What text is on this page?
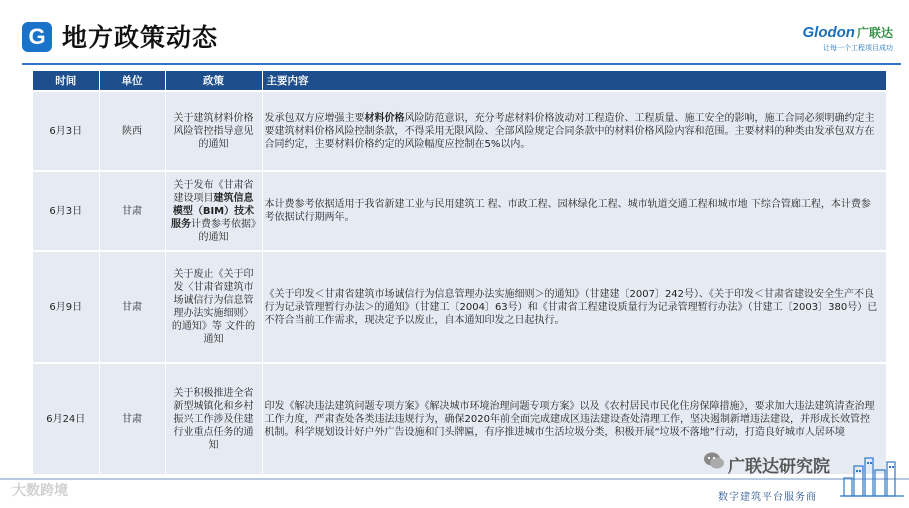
G 地方政策动态	Glodon 广联达
让每一个工程项目成功
时间	单位	政策	主要内容
6月3日	陕西	关于建筑材料价格风险管控指导意见的通知	发承包双方应增强主要材料价格风险防范意识，充分考虑材料价格波动对工程造价、工程质量、施工安全的影响，施工合同必须明确约定主要建筑材料价格风险控制条款，不得采用无限风险、全部风险规定合同条款中的材料价格风险内容和范围。主要材料的种类由发承包双方在合同约定，主要材料价格约定的风险幅度应控制在5%以内。
6月3日	甘肃	关于发布《甘肃省建设项目建筑信息模型（BIM）技术服务计费参考依据》的通知	本计费参考依据适用于我省新建工业与民用建筑工 程、市政工程、园林绿化工程、城市轨道交通工程和城市地 下综合管廊工程，本计费参考依据试行期两年。
6月9日	甘肃	关于废止《关于印发〈甘肃省建筑市场诚信行为信息管理办法实施细则〉的通知》等 文件的通知	《关于印发＜甘肃省建筑市场诚信行为信息管理办法实施细则＞的通知》（甘建建〔2007〕242号）、《关于印发＜甘肃省建设安全生产不良行为记录管理暂行办法＞的通知》（甘建工〔2004〕63号）和《甘肃省工程建设质量行为记录管理暂行办法》（甘建工〔2003〕380号）已不符合当前工作需求，现决定予以废止，自本通知印发之日起执行。
6月24日	甘肃	关于积极推进全省新型城镇化和乡村振兴工作涉及住建行业重点任务的通知	印发《解决违法建筑问题专项方案》《解决城市环境治理问题专项方案》以及《农村居民市民化住房保障措施》，要求加大违法建筑清查治理工作力度，严肃查处各类违法违规行为，确保2020年前全面完成建成区违法建设查处清理工作，坚决遏制新增违法建设，并形成长效管控机制。科学规划设计好户外广告设施和门头牌匾，有序推进城市生活垃圾分类，积极开展“垃圾不落地”行动，打造良好城市人居环境
大数跨境
广联达研究院
数字建筑平台服务商
